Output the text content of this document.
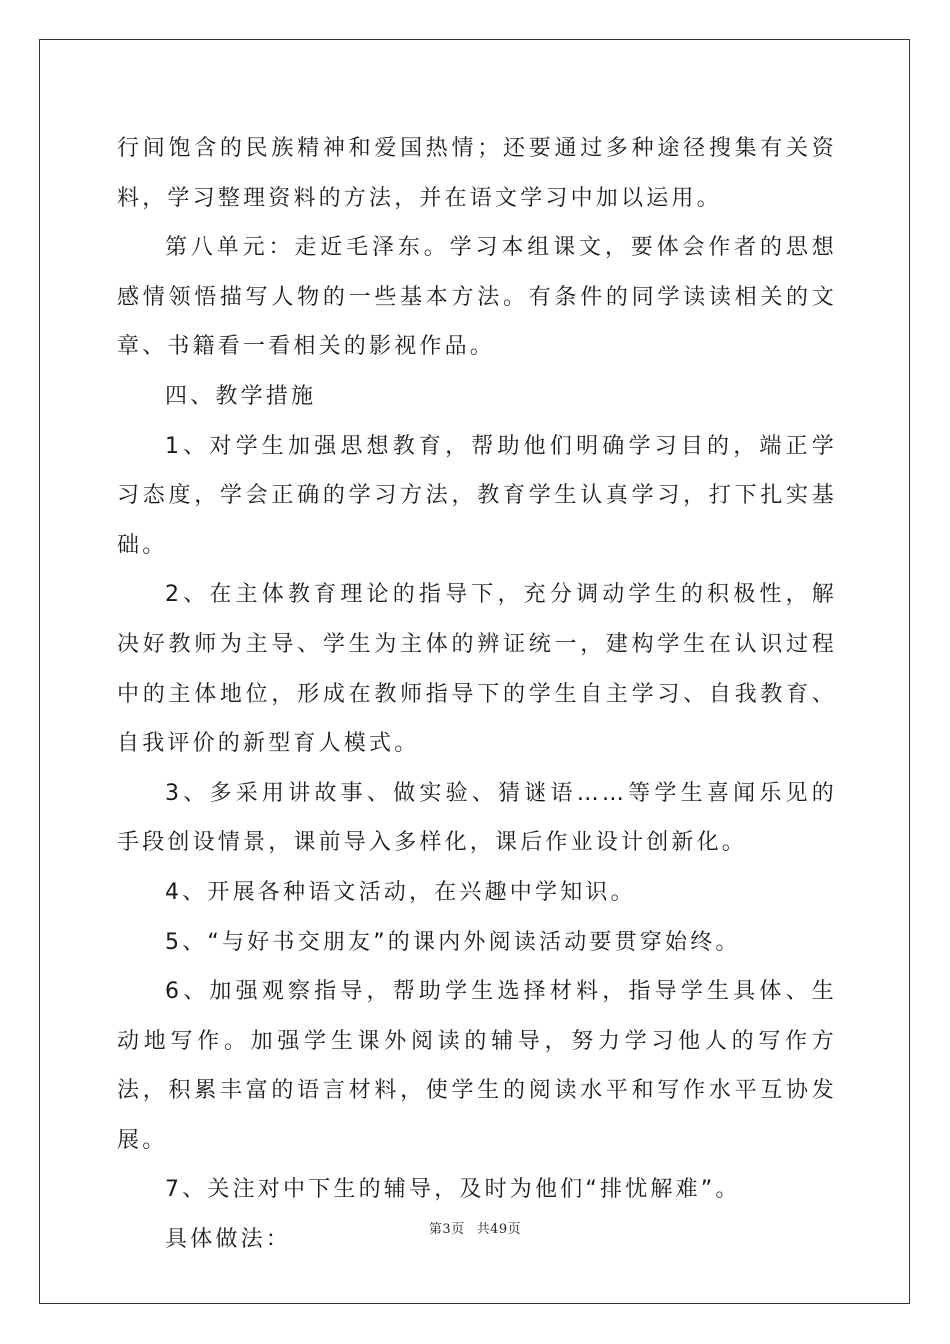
行间饱含的民族精神和爱国热情；还要通过多种途径搜集有关资料，学习整理资料的方法，并在语文学习中加以运用。

第八单元：走近毛泽东。学习本组课文，要体会作者的思想感情领悟描写人物的一些基本方法。有条件的同学读读相关的文章、书籍看一看相关的影视作品。

四、教学措施

1、对学生加强思想教育，帮助他们明确学习目的，端正学习态度，学会正确的学习方法，教育学生认真学习，打下扎实基础。

2、在主体教育理论的指导下，充分调动学生的积极性，解决好教师为主导、学生为主体的辨证统一，建构学生在认识过程中的主体地位，形成在教师指导下的学生自主学习、自我教育、自我评价的新型育人模式。

3、多采用讲故事、做实验、猜谜语……等学生喜闻乐见的手段创设情景，课前导入多样化，课后作业设计创新化。

4、开展各种语文活动，在兴趣中学知识。

5、“与好书交朋友”的课内外阅读活动要贯穿始终。

6、加强观察指导，帮助学生选择材料，指导学生具体、生动地写作。加强学生课外阅读的辅导，努力学习他人的写作方法，积累丰富的语言材料，使学生的阅读水平和写作水平互协发展。

7、关注对中下生的辅导，及时为他们“排忧解难”。

具体做法：	第3页 共49页
